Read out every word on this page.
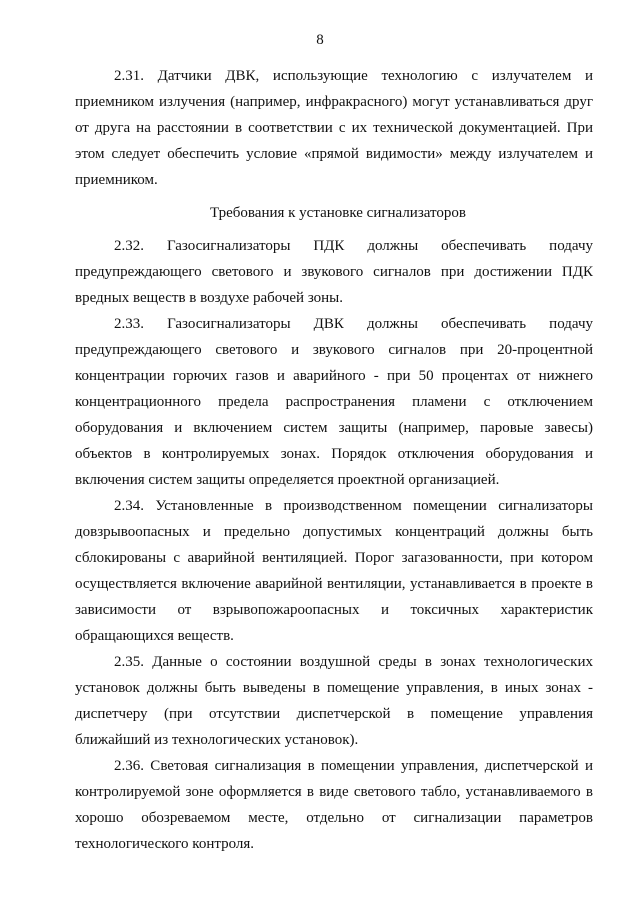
8

2.31. Датчики ДВК, использующие технологию с излучателем и приемником излучения (например, инфракрасного) могут устанавливаться друг от друга на расстоянии в соответствии с их технической документацией. При этом следует обеспечить условие «прямой видимости» между излучателем и приемником.

Требования к установке сигнализаторов

2.32. Газосигнализаторы ПДК должны обеспечивать подачу предупреждающего светового и звукового сигналов при достижении ПДК вредных веществ в воздухе рабочей зоны.

2.33. Газосигнализаторы ДВК должны обеспечивать подачу предупреждающего светового и звукового сигналов при 20-процентной концентрации горючих газов и аварийного - при 50 процентах от нижнего концентрационного предела распространения пламени с отключением оборудования и включением систем защиты (например, паровые завесы) объектов в контролируемых зонах. Порядок отключения оборудования и включения систем защиты определяется проектной организацией.

2.34. Установленные в производственном помещении сигнализаторы довзрывоопасных и предельно допустимых концентраций должны быть сблокированы с аварийной вентиляцией. Порог загазованности, при котором осуществляется включение аварийной вентиляции, устанавливается в проекте в зависимости от взрывопожароопасных и токсичных характеристик обращающихся веществ.

2.35. Данные о состоянии воздушной среды в зонах технологических установок должны быть выведены в помещение управления, в иных зонах - диспетчеру (при отсутствии диспетчерской в помещение управления ближайший из технологических установок).

2.36. Световая сигнализация в помещении управления, диспетчерской и контролируемой зоне оформляется в виде светового табло, устанавливаемого в хорошо обозреваемом месте, отдельно от сигнализации параметров технологического контроля.
